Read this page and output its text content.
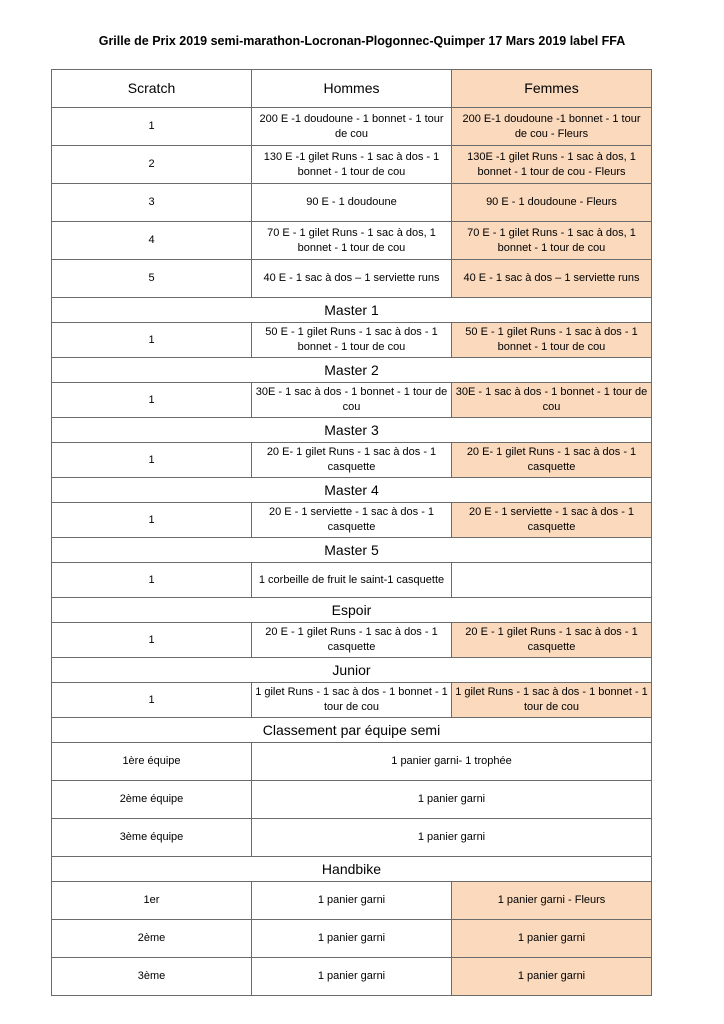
Grille de Prix 2019 semi-marathon-Locronan-Plogonnec-Quimper 17 Mars 2019 label FFA
Scratch	Hommes	Femmes
1	200 E -1 doudoune - 1 bonnet - 1 tour de cou	200 E-1 doudoune -1 bonnet - 1 tour de cou - Fleurs
2	130 E -1 gilet Runs - 1 sac à dos - 1 bonnet - 1 tour de cou	130E -1 gilet Runs - 1 sac à dos, 1 bonnet - 1 tour de cou - Fleurs
3	90 E - 1 doudoune	90 E - 1 doudoune - Fleurs
4	70 E - 1 gilet Runs - 1 sac à dos, 1 bonnet - 1 tour de cou	70 E - 1 gilet Runs - 1 sac à dos, 1 bonnet - 1 tour de cou
5	40 E - 1 sac à dos – 1 serviette runs	40 E - 1 sac à dos – 1 serviette runs
Master 1		
1	50 E - 1 gilet Runs - 1 sac à dos - 1 bonnet - 1 tour de cou	50 E - 1 gilet Runs - 1 sac à dos - 1 bonnet - 1 tour de cou
Master 2		
1	30E - 1 sac à dos - 1 bonnet - 1 tour de cou	30E - 1 sac à dos - 1 bonnet - 1 tour de cou
Master 3		
1	20 E- 1 gilet Runs - 1 sac à dos - 1 casquette	20 E- 1 gilet Runs - 1 sac à dos - 1 casquette
Master 4		
1	20 E - 1 serviette - 1 sac à dos - 1 casquette	20 E - 1 serviette - 1 sac à dos - 1 casquette
Master 5		
1	1 corbeille de fruit le saint-1 casquette	
Espoir		
1	20 E - 1 gilet Runs - 1 sac à dos - 1 casquette	20 E - 1 gilet Runs - 1 sac à dos - 1 casquette
Junior		
1	1 gilet Runs - 1 sac à dos - 1 bonnet - 1 tour de cou	1 gilet Runs - 1 sac à dos - 1 bonnet - 1 tour de cou
Classement par équipe semi		
1ère équipe	1 panier garni- 1 trophée	
2ème équipe	1 panier garni	
3ème équipe	1 panier garni	
Handbike		
1er	1 panier garni	1 panier garni - Fleurs
2ème	1 panier garni	1 panier garni
3ème	1 panier garni	1 panier garni
